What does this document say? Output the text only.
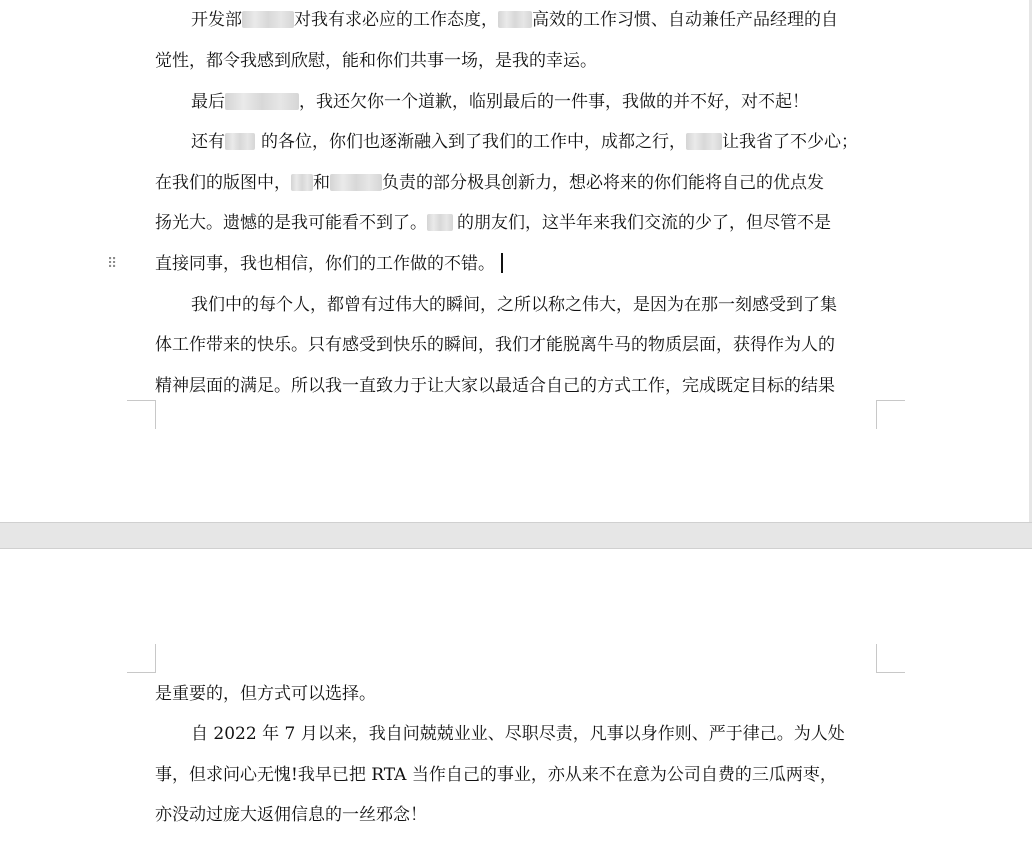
开发部	对我有求必应的工作态度， 高效的工作习惯、自动兼任产品经理的自
觉性，都令我感到欣慰，能和你们共事一场，是我的幸运。
最后	，我还欠你一个道歉，临别最后的一件事，我做的并不好，对不起！
还有 的各位，你们也逐渐融入到了我们的工作中，成都之行， 让我省了不少心；
在我们的版图中， 和	负责的部分极具创新力，想必将来的你们能将自己的优点发
扬光大。遗憾的是我可能看不到了。 的朋友们，这半年来我们交流的少了，但尽管不是
直接同事，我也相信，你们的工作做的不错。
我们中的每个人，都曾有过伟大的瞬间，之所以称之伟大，是因为在那一刻感受到了集
体工作带来的快乐。只有感受到快乐的瞬间，我们才能脱离牛马的物质层面，获得作为人的
精神层面的满足。所以我一直致力于让大家以最适合自己的方式工作，完成既定目标的结果
⠿
是重要的，但方式可以选择。
自 2022 年 7 月以来，我自问兢兢业业、尽职尽责，凡事以身作则、严于律己。为人处
事，但求问心无愧!我早已把 RTA 当作自己的事业，亦从来不在意为公司自费的三瓜两枣，
亦没动过庞大返佣信息的一丝邪念！
